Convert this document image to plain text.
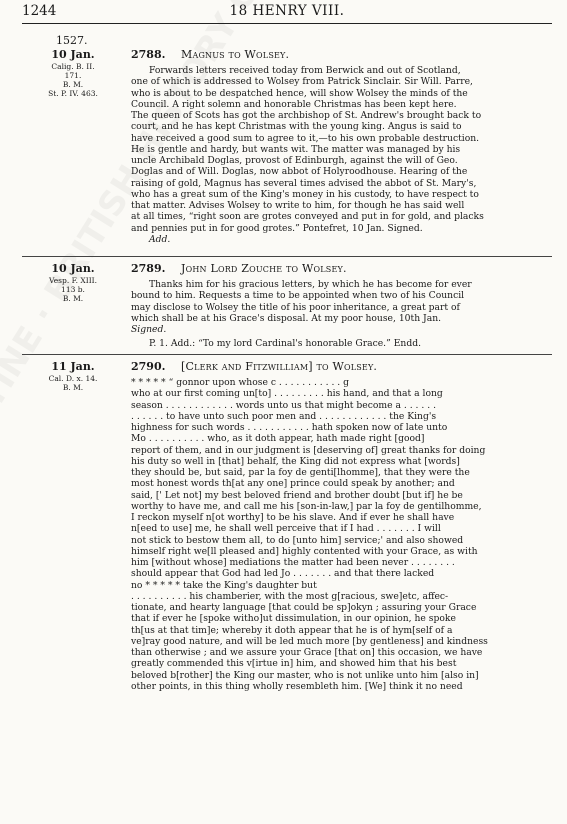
1244	18 HENRY VIII.
1527.
10 Jan.
Calig. B. II.
171.
B. M.
St. P. IV. 463.
2788. Magnus to Wolsey.
Forwards letters received today from Berwick and out of Scotland,
one of which is addressed to Wolsey from Patrick Sinclair. Sir Will. Parre,
who is about to be despatched hence, will show Wolsey the minds of the
Council. A right solemn and honorable Christmas has been kept here.
The queen of Scots has got the archbishop of St. Andrew's brought back to
court, and he has kept Christmas with the young king. Angus is said to
have received a good sum to agree to it,—to his own probable destruction.
He is gentle and hardy, but wants wit. The matter was managed by his
uncle Archibald Doglas, provost of Edinburgh, against the will of Geo.
Doglas and of Will. Doglas, now abbot of Holyroodhouse. Hearing of the
raising of gold, Magnus has several times advised the abbot of St. Mary's,
who has a great sum of the King's money in his custody, to have respect to
that matter. Advises Wolsey to write to him, for though he has said well
at all times, “right soon are grotes conveyed and put in for gold, and placks
and pennies put in for good grotes.” Pontefret, 10 Jan. Signed.
Add.
10 Jan.
Vesp. F. XIII.
113 b.
B. M.
2789. John Lord Zouche to Wolsey.
Thanks him for his gracious letters, by which he has become for ever
bound to him. Requests a time to be appointed when two of his Council
may disclose to Wolsey the title of his poor inheritance, a great part of
which shall be at his Grace's disposal. At my poor house, 10th Jan.
Signed.
P. 1. Add.: “To my lord Cardinal's honorable Grace.” Endd.
11 Jan.
Cal. D. x. 14.
B. M.
2790. [Clerk and Fitzwilliam] to Wolsey.
* * * * * “ gonnor upon whose c . . . . . . . . . . . g
who at our first coming un[to] . . . . . . . . . his hand, and that a long
season . . . . . . . . . . . . words unto us that might become a . . . . . .
. . . . . . to have unto such poor men and . . . . . . . . . . . . the King's
highness for such words . . . . . . . . . . . hath spoken now of late unto
Mo . . . . . . . . . . who, as it doth appear, hath made right [good]
report of them, and in our judgment is [deserving of] great thanks for doing
his duty so well in [that] behalf, the King did not express what [words]
they should be, but said, par la foy de genti[lhomme], that they were the
most honest words th[at any one] prince could speak by another; and
said, [' Let not] my best beloved friend and brother doubt [but if] he be
worthy to have me, and call me his [son-in-law,] par la foy de gentilhomme,
I reckon myself n[ot worthy] to be his slave. And if ever he shall have
n[eed to use] me, he shall well perceive that if I had . . . . . . . I will
not stick to bestow them all, to do [unto him] service;' and also showed
himself right we[ll pleased and] highly contented with your Grace, as with
him [without whose] mediations the matter had been never . . . . . . . .
should appear that God had led Jo . . . . . . . and that there lacked
no * * * * * take the King's daughter but
. . . . . . . . . . his chamberier, with the most g[racious, swe]etc, affec-
tionate, and hearty language [that could be sp]okyn ; assuring your Grace
that if ever he [spoke witho]ut dissimulation, in our opinion, he spoke
th[us at that tim]e; whereby it doth appear that he is of hym[self of a
ve]ray good nature, and will be led much more [by gentleness] and kindness
than otherwise ; and we assure your Grace [that on] this occasion, we have
greatly commended this v[irtue in] him, and showed him that his best
beloved b[rother] the King our master, who is not unlike unto him [also in]
other points, in this thing wholly resembleth him. [We] think it no need
